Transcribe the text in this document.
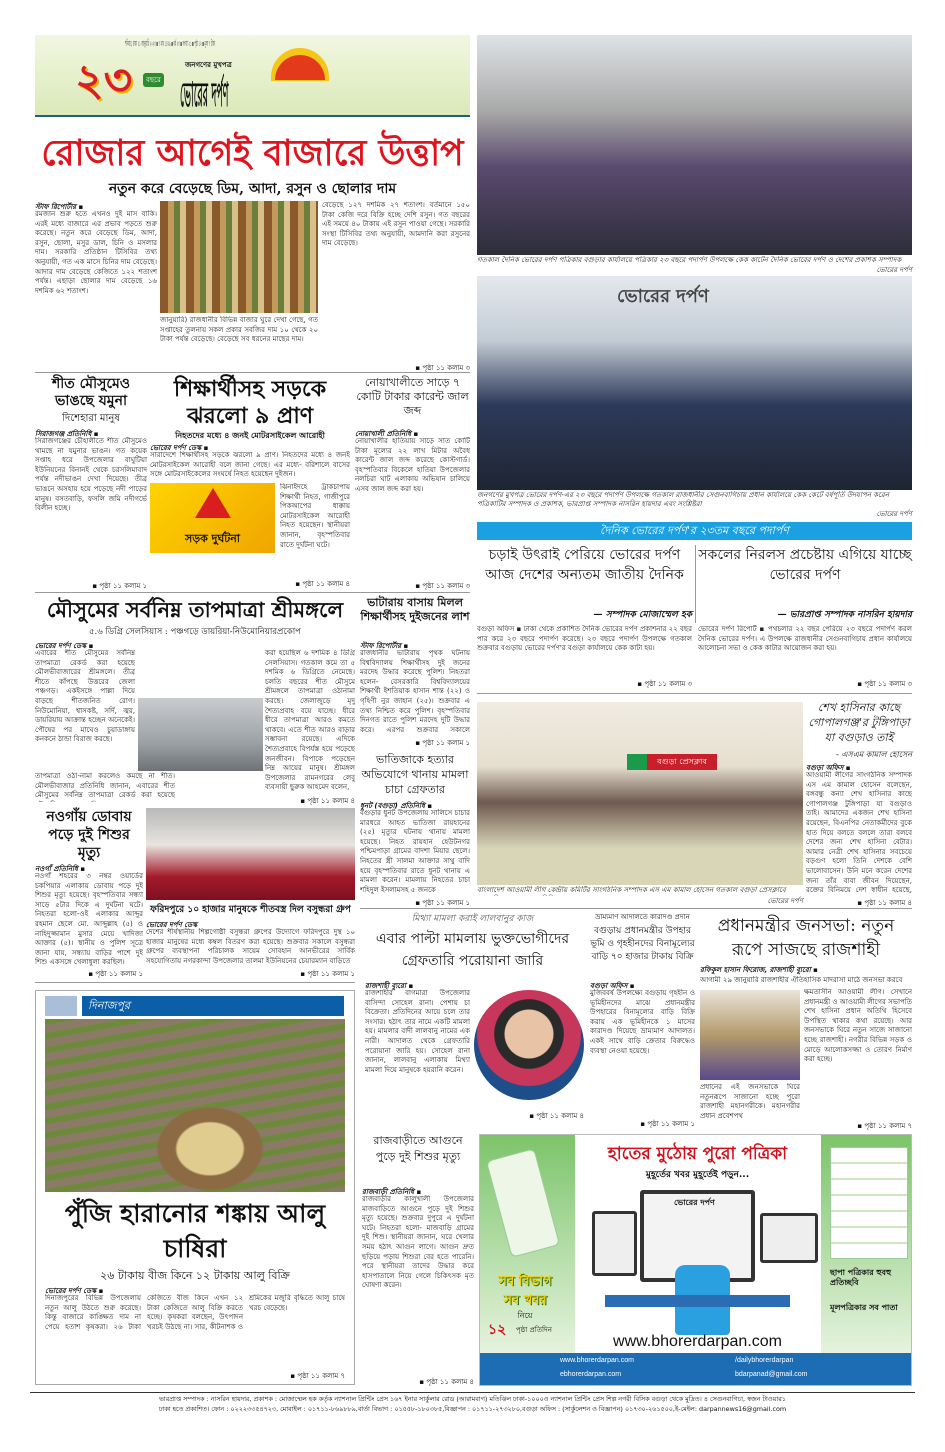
শনিবার, ঢাকা ২১ জানুয়ারি ২০২৩ ▪ ৭ মাঘ ১৪২৯ ▪ বর্ষ ২৩ ▪ সংখ্যা ২১ ▪ পৃষ্ঠা ১২ ▪ মূল্য ৭ টাকা
২৩	বছরে
জনগণের মুখপত্র
ভোরের দর্পণ
রোজার আগেই বাজারে উত্তাপ
নতুন করে বেড়েছে ডিম, আদা, রসুন ও ছোলার দাম
স্টাফ রিপোর্টার ▪
রমজান শুরু হতে এখনও দুই মাস বাকি। এরই মধ্যে বাজারে এর প্রভাব পড়তে শুরু করেছে। নতুন করে বেড়েছে ডিম, আদা, রসুন, ছোলা, মসুর ডাল, চিনি ও মসলার দাম। সরকারি প্রতিষ্ঠান টিসিবির তথ্য অনুযায়ী, গত এক মাসে চিনির দাম বেড়েছে। আদার দাম বেড়েছে কেজিতে ১২২ শতাংশ পর্যন্ত। এছাড়া ছোলার দাম বেড়েছে ১৬ দশমিক ৬২ শতাংশ।
জানুয়ারি) রাজধানীর বিভিন্ন বাজার ঘুরে দেখা গেছে, গত সপ্তাহের তুলনায় সকল প্রকার সবজির দাম ১০ থেকে ২০ টাকা পর্যন্ত বেড়েছে। বেড়েছে সব ধরনের মাছের দাম।
বেড়েছে ১২৭ দশমিক ২৭ শতাংশ। বর্তমানে ১৫০ টাকা কেজি দরে বিক্রি হচ্ছে দেশি রসুন। গত বছরের এই সময়ে ৪০ টাকায় এই রসুন পাওয়া গেছে। সরকারি সংস্থা টিসিবির তথ্য অনুযায়ী, আমদানি করা রসুনের দাম বেড়েছে।
▪ পৃষ্ঠা ১১ কলাম ৩
শীত মৌসুমেও ভাঙছে যমুনা
দিশেহারা মানুষ
সিরাজগঞ্জ প্রতিনিধি ▪
সিরাজগঞ্জের চৌহালীতে শীত মৌসুমেও থামছে না যমুনার ভাঙন। গত কয়েক সপ্তাহ ধরে উপজেলার বাঘুটিয়া ইউনিয়নের বিনানই থেকে চরসলিমাবাদ পর্যন্ত নদীভাঙন দেখা দিয়েছে। তীব্র ভাঙনে অসহায় হয়ে পড়েছে নদী পাড়ের মানুষ। বসতবাড়ি, ফসলি জমি নদীগর্ভে বিলীন হচ্ছে।
▪ পৃষ্ঠা ১১ কলাম ১
শিক্ষার্থীসহ সড়কে ঝরলো ৯ প্রাণ
নিহতদের মধ্যে ৪ জনই মোটরসাইকেল আরোহী
ভোরের দর্পণ ডেস্ক ▪
সারাদেশে শিক্ষার্থীসহ সড়কে ঝরলো ৯ প্রাণ। নিহতদের মধ্যে ৪ জনই মোটরসাইকেল আরোহী বলে জানা গেছে। এর মধ্যে- বরিশালে বাসের সঙ্গে মোটরসাইকেলের সংঘর্ষে নিহত হয়েছেন দুইজন।
সড়ক দুর্ঘটনা
ঝিনাইদহে ট্রাকচাপায় শিক্ষার্থী নিহত, গাজীপুরে পিকআপের ধাক্কায় মোটরসাইকেল আরোহী নিহত হয়েছেন। স্থানীয়রা জানান, বৃহস্পতিবার রাতে দুর্ঘটনা ঘটে।
▪ পৃষ্ঠা ১১ কলাম ৪
নোয়াখালীতে সাড়ে ৭ কোটি টাকার কারেন্ট জাল জব্দ
নোয়াখালী প্রতিনিধি ▪
নোয়াখালীর হাতিয়ায় সাড়ে সাত কোটি টাকা মূল্যের ২২ লাখ মিটার অবৈধ কারেন্ট জাল জব্দ করেছে কোস্টগার্ড। বৃহস্পতিবার বিকেলে হাতিয়া উপজেলার নলচিরা ঘাট এলাকায় অভিযান চালিয়ে এসব জাল জব্দ করা হয়।
▪ পৃষ্ঠা ১১ কলাম ৩
মৌসুমের সর্বনিম্ন তাপমাত্রা শ্রীমঙ্গলে
৫.৬ ডিগ্রি সেলসিয়াস : পঞ্চগড়ে ডায়রিয়া-নিউমোনিয়ারপ্রকোপ
ভোরের দর্পণ ডেস্ক ▪
এবারের শীত মৌসুমের সর্বনিম্ন তাপমাত্রা রেকর্ড করা হয়েছে মৌলভীবাজারের শ্রীমঙ্গলে। তীব্র শীতে কাঁপছে উত্তরের জেলা পঞ্চগড়। একইসঙ্গে পাল্লা দিয়ে বাড়ছে শীতজনিত রোগ। নিউমোনিয়া, শ্বাসকষ্ট, সর্দি, জ্বর, ডায়রিয়ায় আক্রান্ত হচ্ছেন অনেকেই। পৌষের পর মাঘেও চুয়াডাঙ্গায় কনকনে ঠান্ডা বিরাজ করছে।
তাপমাত্রা ওঠা-নামা করলেও কমছে না শীত। মৌলভীবাজার প্রতিনিধি জানান, এবারের শীত মৌসুমের সর্বনিম্ন তাপমাত্রা রেকর্ড করা হয়েছে
করা হয়েছিল ৬ দশমিক ৪ ডিগ্রি সেলসিয়াস। গতকাল কমে তা ৫ দশমিক ৬ ডিগ্রিতে নেমেছে। চলতি বছরের শীত মৌসুমে শ্রীমঙ্গলে তাপমাত্রা ওঠানামা করছে। জেলাজুড়ে মৃদু শৈত্যপ্রবাহ বয়ে যাচ্ছে। ধীরে ধীরে তাপমাত্রা আরও কমতে থাকবে। এতে শীত আরও বাড়ার সম্ভাবনা রয়েছে। এদিকে শৈত্যপ্রবাহে বিপর্যস্ত হয়ে পড়েছে জনজীবন। বিপাকে পড়েছেন নিম্ন আয়ের মানুষ। শ্রীমঙ্গল উপজেলার রামনগরের লেবু ব্যবসায়ী ছুরুক আহমেদ বলেন,
▪ পৃষ্ঠা ১১ কলাম ৪
ভাটারায় বাসায় মিলল শিক্ষার্থীসহ দুইজনের লাশ
স্টাফ রিপোর্টার ▪
রাজধানীর ভাটারায় পৃথক ঘটনায় বিশ্ববিদ্যালয় শিক্ষার্থীসহ দুই জনের মরদেহ উদ্ধার করেছে পুলিশ। নিহতরা হলেন- বেসরকারি বিশ্ববিদ্যালয়ের শিক্ষার্থী ইশতিয়াক হাসান শান্ত (২২) ও গৃহিণী নুর জাহান (২৫)। শুক্রবার এ তথ্য নিশ্চিত করে পুলিশ। বৃহস্পতিবার দিনগত রাতে পুলিশ মরদেহ দুটি উদ্ধার করে। এরপর শুক্রবার সকালে
▪ পৃষ্ঠা ১১ কলাম ১
ভাতিজাকে হত্যার অভিযোগে থানায় মামলা চাচা গ্রেফতার
ধুনট (বগুড়া) প্রতিনিধি ▪
বগুড়ার ধুনট উপজেলায় সালিসে চাচার মারধরে আহত ভাতিজা রায়হানের (২৫) মৃত্যুর ঘটনায় থানায় মামলা হয়েছে। নিহত রায়হান হেউটনগর পশ্চিমপাড়া গ্রামের বাদশা মিয়ার ছেলে। নিহতের স্ত্রী সালমা আক্তার সাথু বাদি হয়ে বৃহস্পতিবার রাতে ধুনট থানায় এ মামলা করেন। মামলায় নিহতের চাচা শহিদুল ইসলামসহ ৫ জনকে
▪ পৃষ্ঠা ১১ কলাম ১
নওগাঁয় ডোবায় পড়ে দুই শিশুর মৃত্যু
নওগাঁ প্রতিনিধি ▪
নওগাঁ শহরের ৩ নম্বর ওয়ার্ডের চকপিয়ার এলাকায় ডোবায় পড়ে দুই শিশুর মৃত্যু হয়েছে। বৃহস্পতিবার সন্ধ্যা সাড়ে ৫টার দিকে এ দুর্ঘটনা ঘটে। নিহতরা হলো-ওই এলাকার আব্দুর রহমান ছেলে মো. আব্দুল্লাহ (৫) ও নাহিদুজ্জামান মুসার মেয়ে খাদিজা আক্তার (৫)। স্থানীয় ও পুলিশ সূত্রে জানা যায়, সন্ধ্যায় বাড়ির পাশে দুই শিশু একসঙ্গে খেলাধুলা করছিল।
▪ পৃষ্ঠা ১১ কলাম ১
ফরিদপুরে ১০ হাজার মানুষকে শীতবস্ত্র দিল বসুন্ধরা গ্রুপ
ভোরের দর্পণ ডেস্ক
দেশের শীর্ষস্থানীয় শিল্পগোষ্ঠী বসুন্ধরা গ্রুপের উদ্যোগে ফরিদপুরে দুস্থ ১০ হাজার মানুষের মধ্যে কম্বল বিতরণ করা হয়েছে। শুক্রবার সকালে বসুন্ধরা গ্রুপের ব্যবস্থাপনা পরিচালক সায়েম সোবহান আনভীরের সার্বিক সহযোগিতায় নগরকান্দা উপজেলার তালমা ইউনিয়নের চেয়ারম্যান বাড়িতে
▪ পৃষ্ঠা ১১ কলাম ১
গতকাল দৈনিক ভোরের দর্পণ পত্রিকার বগুড়ার কার্যালয়ে পত্রিকার ২৩ বছরে পদার্পণ উপলক্ষে কেক কাটেন দৈনিক ভোরের দর্পণ ও দেশের প্রকাশক সম্পাদক
ভোরের দর্পণ
ভোরের দর্পণ
জনগণের মুখপত্র ভোরের দর্পণ-এর ২৩ বছরে পদার্পণ উপলক্ষে গতকাল রাজধানীর সেগুনবাগিচায় প্রধান কার্যালয়ে কেক কেটে বর্ষপূর্তি উদযাপন করেন পত্রিকাটির সম্পাদক ও প্রকাশক, ভারপ্রাপ্ত সম্পাদক নাসরিন হায়দার এবং সংশ্লিষ্টরা
ভোরের দর্পণ
দৈনিক ভোরের দর্পণ'র ২৩তম বছরে পদার্পণ
চড়াই উৎরাই পেরিয়ে ভোরের দর্পণ আজ দেশের অন্যতম জাতীয় দৈনিক
— সম্পাদক মোজাম্মেল হক
সকলের নিরলস প্রচেষ্টায় এগিয়ে যাচ্ছে ভোরের দর্পণ
— ভারপ্রাপ্ত সম্পাদক নাসরিন হায়দার
বগুড়া অফিস ▪ ঢাকা থেকে প্রকাশিত দৈনিক ভোরের দর্পণ প্রকাশনার ২২ বছর পার করে ২৩ বছরে পদার্পণ করেছে। ২৩ বছরে পদার্পণ উপলক্ষে গতকাল শুক্রবার বগুড়ায় ভোরের দর্পণ'র বগুড়া কার্যালয়ে কেক কাটা হয়।
▪ পৃষ্ঠা ১১ কলাম ৩
ভোরের দর্পণ রিপোর্ট ▪ পথচলার ২২ বছর পেরিয়ে ২৩ বছরে পদার্পণ করল দৈনিক ভোরের দর্পণ। এ উপলক্ষে রাজধানীর সেগুনবাগিচায় প্রধান কার্যালয়ে আলোচনা সভা ও কেক কাটার আয়োজন করা হয়।
▪ পৃষ্ঠা ১১ কলাম ৩
বগুড়া প্রেসক্লাব
বাংলাদেশ আওয়ামী লীগ কেন্দ্রীয় কমিটির সাংগঠনিক সম্পাদক এস এম কামাল হোসেন গতকাল বগুড়া প্রেসক্লাবে
ভোরের দর্পণ
শেখ হাসিনার কাছে গোপালগঞ্জ'র টুঙ্গিপাড়া যা বগুড়াও তাই
- এসএম কামাল হোসেন
বগুড়া অফিস ▪
আওয়ামী লীগের সাংগঠনিক সম্পাদক এস এম কামাল হোসেন বলেছেন, বঙ্গবন্ধু কন্যা শেখ হাসিনার কাছে গোপালগঞ্জ টুঙ্গিপাড়া যা বগুড়াও তাই। আমাদের একজন শেখ হাসিনা রয়েছেন, বিএনপির নেতাকর্মীদের বুকে হাত দিয়ে বলতে বললে তারা বলবে দেশের জন্য শেখ হাসিনা বেটার। আমার নেত্রী শেখ হাসিনার সবচেয়ে বড়গুণ হলো তিনি দেশকে বেশি ভালোবাসেন। উনি মনে করেন দেশের জন্য তাঁর বাবা জীবন দিয়েছেন, রক্তের বিনিময়ে দেশ স্বাধীন হয়েছে,
▪ পৃষ্ঠা ১১ কলাম ৪
মিথ্যা মামলা করাই লালবানুর কাজ
এবার পাল্টা মামলায় ভুক্তভোগীদের গ্রেফতারি পরোয়ানা জারি
রাজশাহী ব্যুরো ▪
রাজশাহীর বাগমারা উপজেলার বাসিন্দা সোহেল রানা। পেশায় চা বিক্রেতা। প্রতিদিনের আয়ে চলে তার সংসার। হঠাৎ তার নামে একটি মামলা হয়। মামলার বাদী লালবানু নামের এক নারী। আদালত থেকে গ্রেফতারি পরোয়ানা জারি হয়। সোহেল রানা জানান, লালবানু এলাকায় মিথ্যা মামলা দিয়ে মানুষকে হয়রানি করেন।
▪ পৃষ্ঠা ১১ কলাম ৪
ভ্রাম্যমাণ আদালতে কারাদণ্ড প্রদান
বগুড়ায় প্রধানমন্ত্রীর উপহার ভূমি ও গৃহহীনদের বিনামূল্যের বাড়ি ৭০ হাজার টাকায় বিক্রি
বগুড়া অফিস ▪
মুজিববর্ষ উপলক্ষ্যে বগুড়ায় গৃহহীন ও ভূমিহীনদের মাঝে প্রধানমন্ত্রীর উপহারের বিনামূল্যের বাড়ি বিক্রি করায় এক ভূমিহীনকে ১ মাসের কারাদণ্ড দিয়েছে ভ্রাম্যমাণ আদালত। একই সাথে বাড়ি ক্রেতার বিরুদ্ধেও ব্যবস্থা নেওয়া হয়েছে।
▪ পৃষ্ঠা ১১ কলাম ১
প্রধানমন্ত্রীর জনসভা: নতুন রূপে সাজছে রাজশাহী
রফিকুল হাসান ফিরোজ, রাজশাহী ব্যুরো ▪
আগামী ২৯ জানুয়ারি রাজশাহীর ঐতিহাসিক মাদরাসা মাঠে জনসভা করবে
ক্ষমতাসীন আওয়ামী লীগ। সেখানে প্রধানমন্ত্রী ও আওয়ামী লীগের সভাপতি শেখ হাসিনা প্রধান অতিথি হিসেবে উপস্থিত থাকার কথা রয়েছে। আর জনসভাকে ঘিরে নতুন সাজে সাজানো হচ্ছে রাজশাহী। নগরীর বিভিন্ন সড়ক ও মোড়ে আলোকসজ্জা ও তোরণ নির্মাণ করা হচ্ছে।
প্রধানের এই জনসভাকে ঘিরে নতুনরূপে সাজানো হচ্ছে পুরো রাজশাহী মহানগরীকে। মহানগরীর প্রধান প্রবেশপথ
▪ পৃষ্ঠা ১১ কলাম ৭
দিনাজপুর
পুঁজি হারানোর শঙ্কায় আলু চাষিরা
২৬ টাকায় বীজ কিনে ১২ টাকায় আলু বিক্রি
ভোরের দর্পণ ডেস্ক ▪
দিনাজপুরের বিভিন্ন উপজেলায় নতুন আলু উঠতে শুরু করেছে। কিন্তু বাজারে কাঙ্ক্ষিত দাম না পেয়ে হতাশ কৃষকরা। ২৬ টাকা কেজিতে বীজ কিনে এখন ১২ টাকা কেজিতে আলু বিক্রি করতে হচ্ছে। কৃষকরা বলছেন, উৎপাদন খরচই উঠছে না। সার, কীটনাশক ও শ্রমিকের মজুরি বৃদ্ধিতে আলু চাষে খরচ বেড়েছে।
▪ পৃষ্ঠা ১১ কলাম ৭
রাজবাড়ীতে আগুনে পুড়ে দুই শিশুর মৃত্যু
রাজবাড়ী প্রতিনিধি ▪
রাজবাড়ীর কালুখালী উপজেলার মাজবাড়িতে আগুনে পুড়ে দুই শিশুর মৃত্যু হয়েছে। শুক্রবার দুপুরে এ দুর্ঘটনা ঘটে। নিহতরা হলো- মাজবাড়ি গ্রামের দুই শিশু। স্থানীয়রা জানান, ঘরে খেলার সময় হঠাৎ আগুন লাগে। আগুন দ্রুত ছড়িয়ে পড়ায় শিশুরা বের হতে পারেনি। পরে স্থানীয়রা তাদের উদ্ধার করে হাসপাতালে নিয়ে গেলে চিকিৎসক মৃত ঘোষণা করেন।
▪ পৃষ্ঠা ১১ কলাম ৪
সব বিভাগ
সব খবর
নিয়ে
১২ পৃষ্ঠা প্রতিদিন
হাতের মুঠোয় পুরো পত্রিকা
মুহূর্তের খবর মুহূর্তেই পড়ুন...
ভোরের দর্পণ
ছাপা পত্রিকার হুবহু প্রতিচ্ছবি
মূলপত্রিকার সব পাতা
www.bhorerdarpan.com
www.bhorerdarpan.com
ebhorerdarpan.com
/dailybhorerdarpan
bdarpanad@gmail.com
ভারপ্রাপ্ত সম্পাদক : নাসরিন হায়দার, প্রকাশক : মোজাম্মেল হক কর্তৃক ন্যাশনাল প্রিন্টিং প্রেস ১৬৭ ইনার সার্কুলার রোড (আরামবাগ) মতিঝিল ঢাকা-১০০০ও ন্যাশনাল প্রিন্টিং প্রেস শিল্প নগরী বিসিক বগুড়া থেকে মুদ্রিত। ৪ সেগুনবাগিচা, স্বজন টাওয়ার১
ঢাকা হতে প্রকাশিত। ফোন : ০২২২৩৩৫৪৭২৩, মোবাইল : ০১৭১১-৮৬৯৮৮৯,বার্তা বিভাগ : ০১৫৫৮-১৮০৩৮৫,বিজ্ঞাপন : ০১৭১১-২৭৩২৮০,বগুড়া অফিস : (সার্কুলেশন ও বিজ্ঞাপন) ০১৭৩০-২৬১৫০০,ই-মেইল: darpannews16@gmail.com
